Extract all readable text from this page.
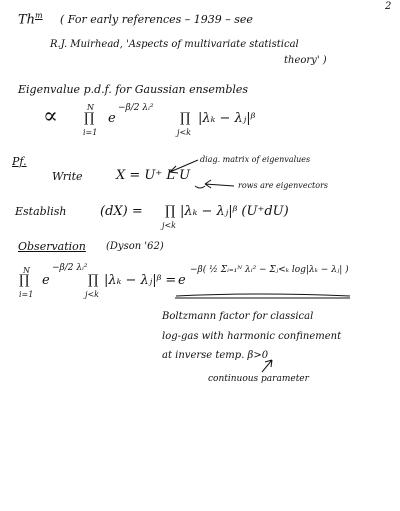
2
Th$^m$ ( For early references – 1939 – see
R.J. Muirhead, 'Aspects of multivariate statistical
theory' )
Eigenvalue p.d.f. for Gaussian ensembles
∝	N
∏
i=1
e
−β/2 λᵢ²
∏
j<k
|λₖ − λⱼ|ᵝ
Pf.	diag. matrix of eigenvalues
Write	X = U⁺ L U
rows are eigenvectors
Establish	(dX) = ∏
j<k
|λₖ − λⱼ|ᵝ (U⁺dU)
Observation (Dyson '62)
N
∏
i=1
e
−β/2 λᵢ²
∏
j<k
|λₖ − λⱼ|ᵝ = e
−β( ½ Σᵢ₌₁ᴺ λᵢ² − Σⱼ<ₖ log|λₖ − λⱼ| )
Boltzmann factor for classical
log-gas with harmonic confinement
at inverse temp. β>0
continuous parameter
